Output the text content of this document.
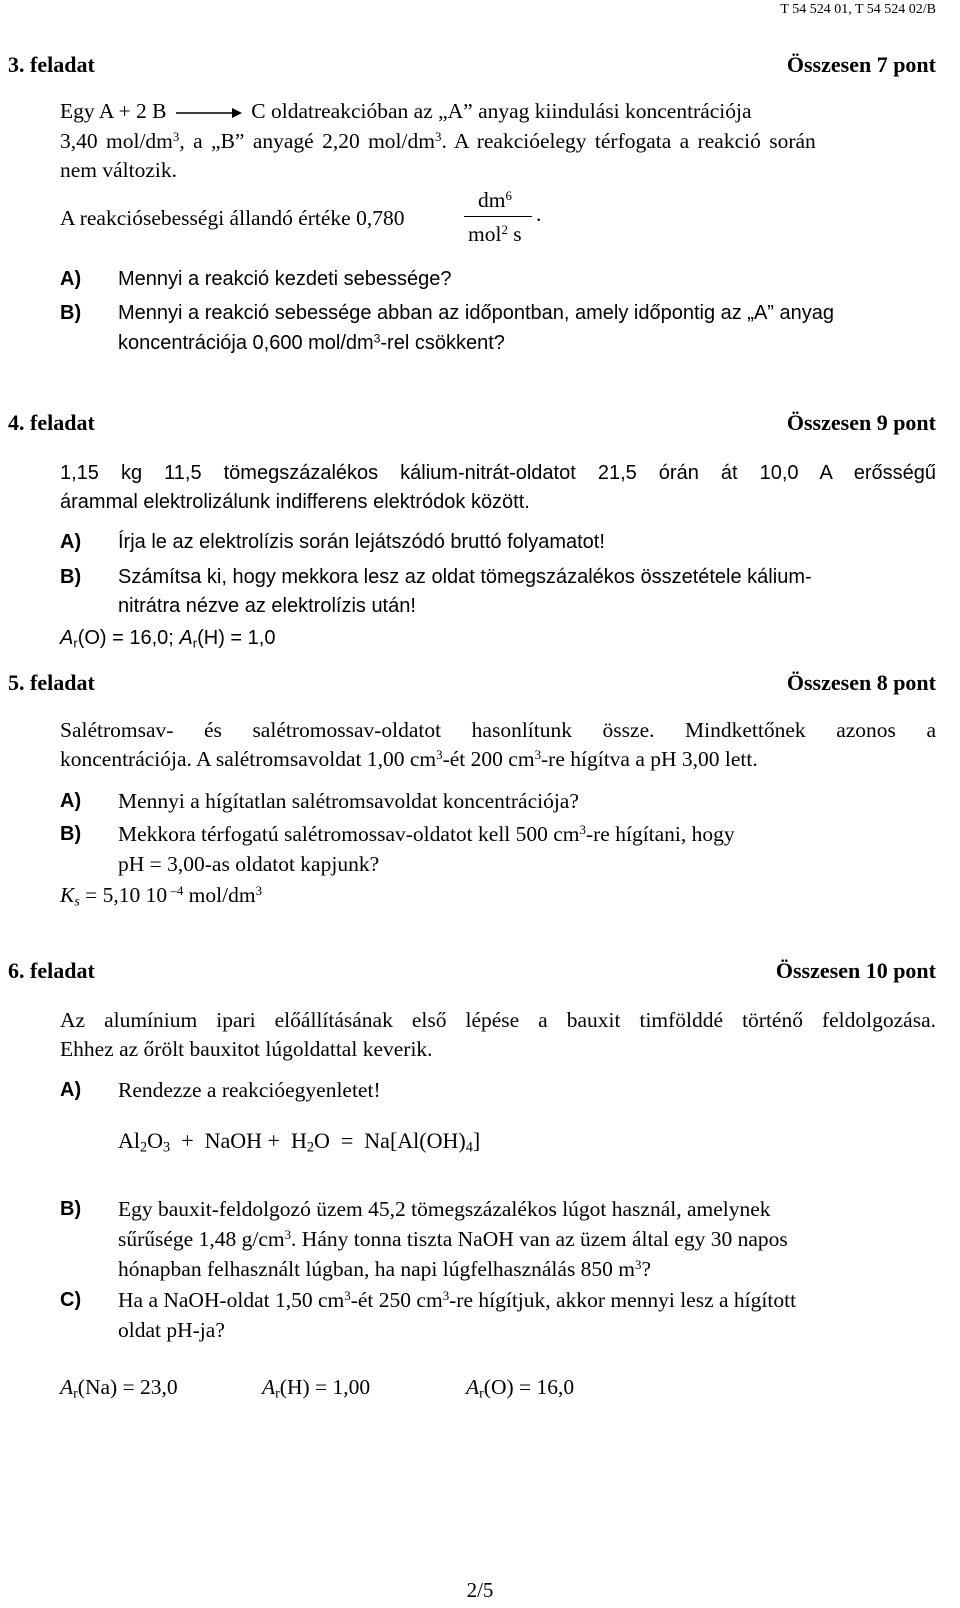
T 54 524 01, T 54 524 02/B
3. feladat	Összesen 7 pont
Egy A + 2 B → C oldatreakcióban az „A” anyag kiindulási koncentrációja
3,40 mol/$dm^3$, a „B” anyagé 2,20 mol/$dm^3$. A reakcióelegy térfogata a reakció során
nem változik.
A reakciósebességi állandó értéke 0,780
$dm^6$
mol$^2$ s
.
A) Mennyi a reakció kezdeti sebessége?
B) Mennyi a reakció sebessége abban az időpontban, amely időpontig az „A” anyag
koncentrációja 0,600 mol/$dm^3$-rel csökkent?
4. feladat	Összesen 9 pont
1,15 kg 11,5 tömegszázalékos kálium-nitrát-oldatot 21,5 órán át 10,0 A erősségű
árammal elektrolizálunk indifferens elektródok között.
A) Írja le az elektrolízis során lejátszódó bruttó folyamatot!
B) Számítsa ki, hogy mekkora lesz az oldat tömegszázalékos összetétele kálium-
nitrátra nézve az elektrolízis után!
$A_r(O) = 16,0$; $A_r(H) = 1,0$
5. feladat	Összesen 8 pont
Salétromsav- és salétromossav-oldatot hasonlítunk össze. Mindkettőnek azonos a
koncentrációja. A salétromsavoldat 1,00 $cm^3-ét$ 200 $cm^3-re$ hígítva a pH 3,00 lett.
A) Mennyi a hígítatlan salétromsavoldat koncentrációja?
B) Mekkora térfogatú salétromossav-oldatot kell 500 $cm^3-re$ hígítani, hogy
pH = 3,00-as oldatot kapjunk?
$K_s = 5,10$ 10 $^{-4}$ mol/$dm^3$
6. feladat	Összesen 10 pont
Az alumínium ipari előállításának első lépése a bauxit timfölddé történő feldolgozása.
Ehhez az őrölt bauxitot lúgoldattal keverik.
A) Rendezze a reakcióegyenletet!
$Al_2O_3$  +  NaOH +  $H_2O = Na[Al(OH)_4]$
B) Egy bauxit-feldolgozó üzem 45,2 tömegszázalékos lúgot használ, amelynek
sűrűsége 1,48 $g/cm^3$. Hány tonna tiszta NaOH van az üzem által egy 30 napos
hónapban felhasznált lúgban, ha napi lúgfelhasználás 850 $m^3$?
C) Ha a NaOH-oldat 1,50 $cm^3-ét$ 250 $cm^3-re$ hígítjuk, akkor mennyi lesz a hígított
oldat pH-ja?
$A_r(Na) = 23,0$	$A_r(H) = 1,00$	$A_r(O) = 16,0$
2/5
